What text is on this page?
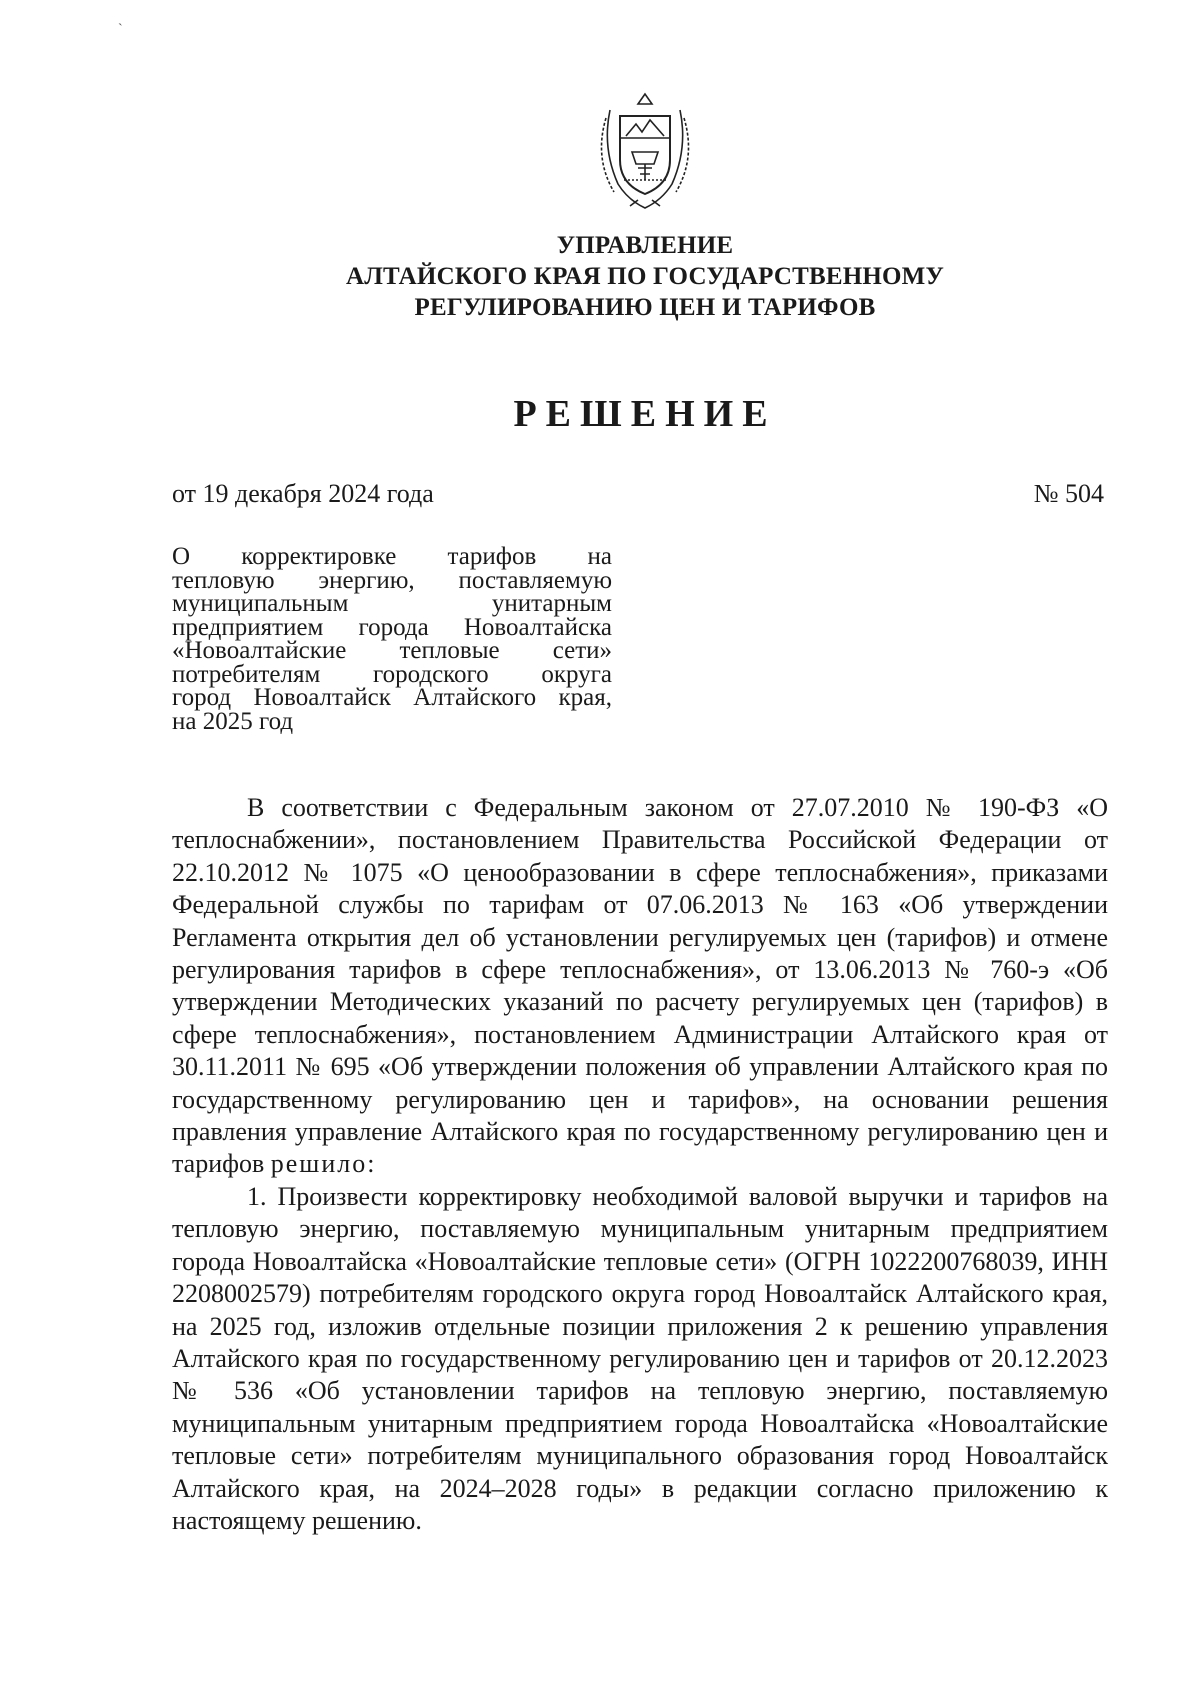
ˋ
УПРАВЛЕНИЕ
АЛТАЙСКОГО КРАЯ ПО ГОСУДАРСТВЕННОМУ
РЕГУЛИРОВАНИЮ ЦЕН И ТАРИФОВ
РЕШЕНИЕ
от 19 декабря 2024 года	№ 504
О корректировке тарифов на
тепловую энергию, поставляемую
муниципальным унитарным
предприятием города Новоалтайска
«Новоалтайские тепловые сети»
потребителям городского округа
город Новоалтайск Алтайского края,
на 2025 год

В соответствии с Федеральным законом от 27.07.2010 № 190-ФЗ «О теплоснабжении», постановлением Правительства Российской Федерации от 22.10.2012 № 1075 «О ценообразовании в сфере теплоснабжения», приказами Федеральной службы по тарифам от 07.06.2013 № 163 «Об утверждении Регламента открытия дел об установлении регулируемых цен (тарифов) и отмене регулирования тарифов в сфере теплоснабжения», от 13.06.2013 № 760-э «Об утверждении Методических указаний по расчету регулируемых цен (тарифов) в сфере теплоснабжения», постановлением Администрации Алтайского края от 30.11.2011 № 695 «Об утверждении положения об управлении Алтайского края по государственному регулированию цен и тарифов», на основании решения правления управление Алтайского края по государственному регулированию цен и тарифов решило:

1. Произвести корректировку необходимой валовой выручки и тарифов на тепловую энергию, поставляемую муниципальным унитарным предприятием города Новоалтайска «Новоалтайские тепловые сети» (ОГРН 1022200768039, ИНН 2208002579) потребителям городского округа город Новоалтайск Алтайского края, на 2025 год, изложив отдельные позиции приложения 2 к решению управления Алтайского края по государственному регулированию цен и тарифов от 20.12.2023 № 536 «Об установлении тарифов на тепловую энергию, поставляемую муниципальным унитарным предприятием города Новоалтайска «Новоалтайские тепловые сети» потребителям муниципального образования город Новоалтайск Алтайского края, на 2024–2028 годы» в редакции согласно приложению к настоящему решению.
